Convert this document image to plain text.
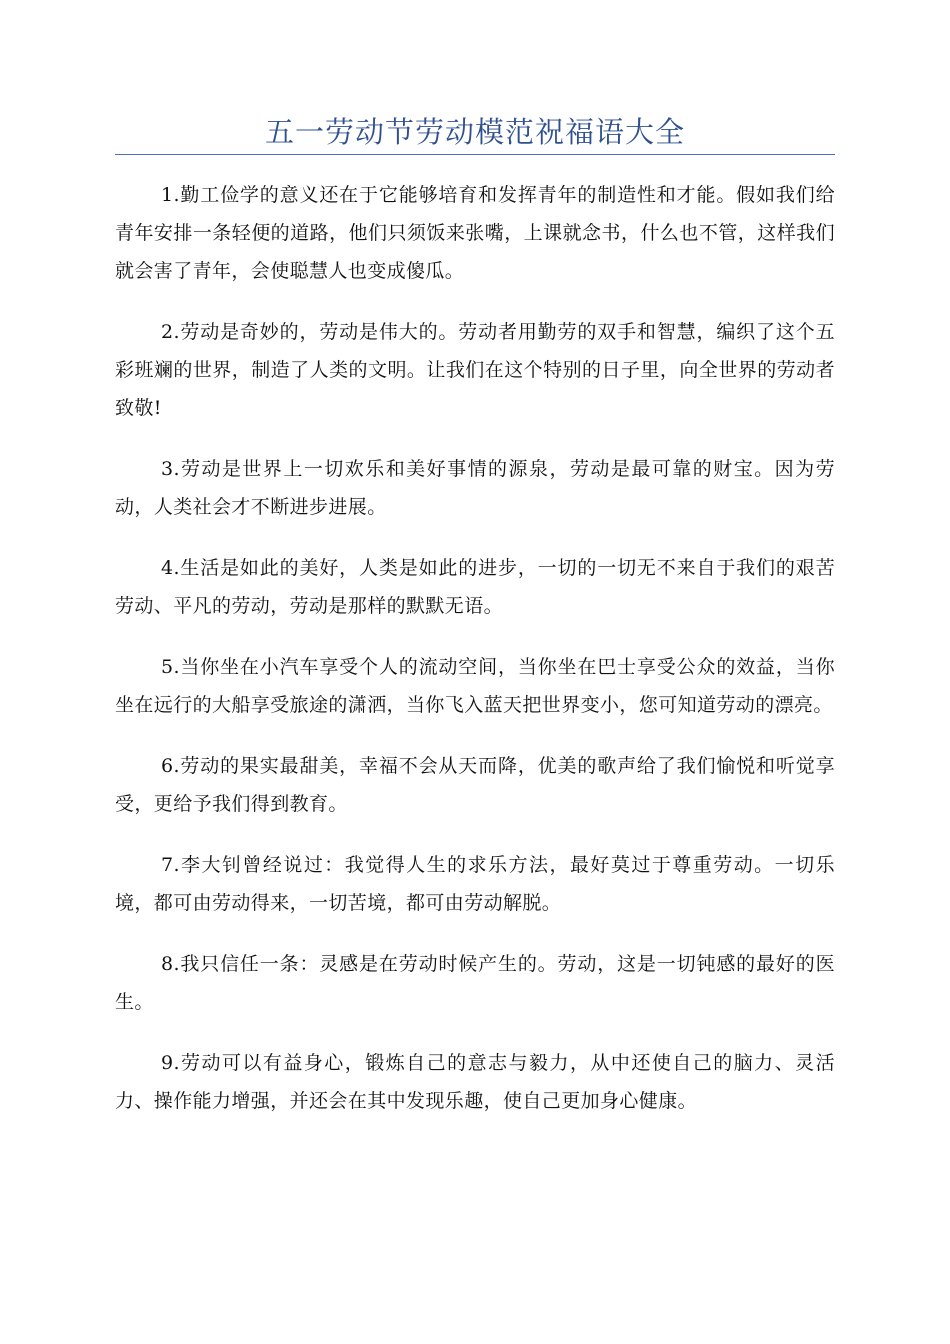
五一劳动节劳动模范祝福语大全

1.勤工俭学的意义还在于它能够培育和发挥青年的制造性和才能。假如我们给青年安排一条轻便的道路，他们只须饭来张嘴，上课就念书，什么也不管，这样我们就会害了青年，会使聪慧人也变成傻瓜。

2.劳动是奇妙的，劳动是伟大的。劳动者用勤劳的双手和智慧，编织了这个五彩班斓的世界，制造了人类的文明。让我们在这个特别的日子里，向全世界的劳动者致敬!

3.劳动是世界上一切欢乐和美好事情的源泉，劳动是最可靠的财宝。因为劳动，人类社会才不断进步进展。

4.生活是如此的美好，人类是如此的进步，一切的一切无不来自于我们的艰苦劳动、平凡的劳动，劳动是那样的默默无语。

5.当你坐在小汽车享受个人的流动空间，当你坐在巴士享受公众的效益，当你坐在远行的大船享受旅途的潇洒，当你飞入蓝天把世界变小，您可知道劳动的漂亮。

6.劳动的果实最甜美，幸福不会从天而降，优美的歌声给了我们愉悦和听觉享受，更给予我们得到教育。

7.李大钊曾经说过：我觉得人生的求乐方法，最好莫过于尊重劳动。一切乐境，都可由劳动得来，一切苦境，都可由劳动解脱。

8.我只信任一条：灵感是在劳动时候产生的。劳动，这是一切钝感的最好的医生。

9.劳动可以有益身心，锻炼自己的意志与毅力，从中还使自己的脑力、灵活力、操作能力增强，并还会在其中发现乐趣，使自己更加身心健康。
